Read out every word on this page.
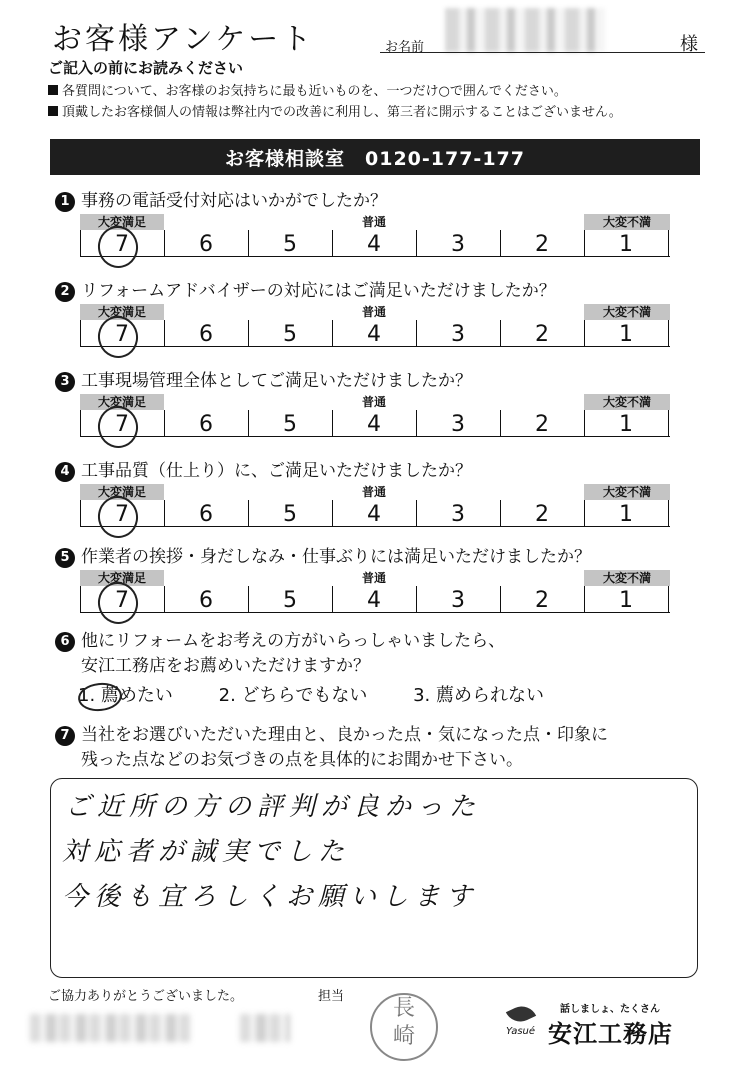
お客様アンケート	お名前	様
ご記入の前にお読みください
各質問について、お客様のお気持ちに最も近いものを、一つだけ○で囲んでください。
頂戴したお客様個人の情報は弊社内での改善に利用し、第三者に開示することはございません。
お客様相談室　0120-177-177
1 事務の電話受付対応はいかがでしたか？
大変満足	普通	大変不満
7	6	5	4	3	2	1
2 リフォームアドバイザーの対応にはご満足いただけましたか？
大変満足	普通	大変不満
7	6	5	4	3	2	1
3 工事現場管理全体としてご満足いただけましたか？
大変満足	普通	大変不満
7	6	5	4	3	2	1
4 工事品質（仕上り）に、ご満足いただけましたか？
大変満足	普通	大変不満
7	6	5	4	3	2	1
5 作業者の挨拶・身だしなみ・仕事ぶりには満足いただけましたか？
大変満足	普通	大変不満
7	6	5	4	3	2	1
6 他にリフォームをお考えの方がいらっしゃいましたら、
安江工務店をお薦めいただけますか？
1. 薦めたい	2. どちらでもない	3. 薦められない
7 当社をお選びいただいた理由と、良かった点・気になった点・印象に
残った点などのお気づきの点を具体的にお聞かせ下さい。
ご近所の方の評判が良かった
対応者が誠実でした
今後も宜ろしくお願いします
ご協力ありがとうございました。	担当	長
崎	Yasué
話しましょ、たくさん
安江工務店
